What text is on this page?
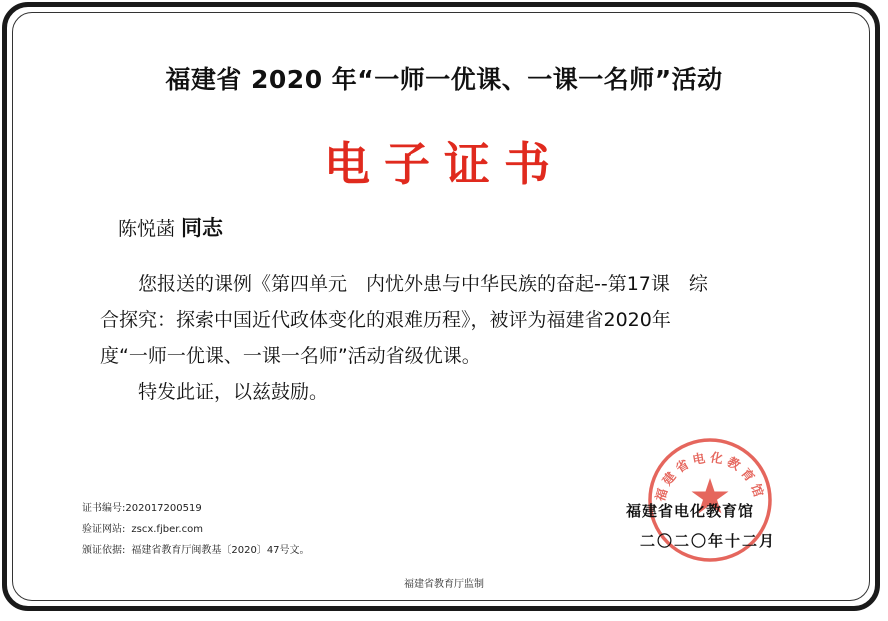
福建省 2020 年“一师一优课、一课一名师”活动
电子证书
陈悦菡 同志

您报送的课例《第四单元　内忧外患与中华民族的奋起--第17课　综

合探究：探索中国近代政体变化的艰难历程》，被评为福建省2020年

度“一师一优课、一课一名师”活动省级优课。

特发此证，以兹鼓励。

证书编号:202017200519
验证网站: zscx.fjber.com
颁证依据: 福建省教育厅闽教基〔2020〕47号文。
福建省电化教育馆
福建省电化教育馆
二〇二〇年十二月
福建省教育厅监制
